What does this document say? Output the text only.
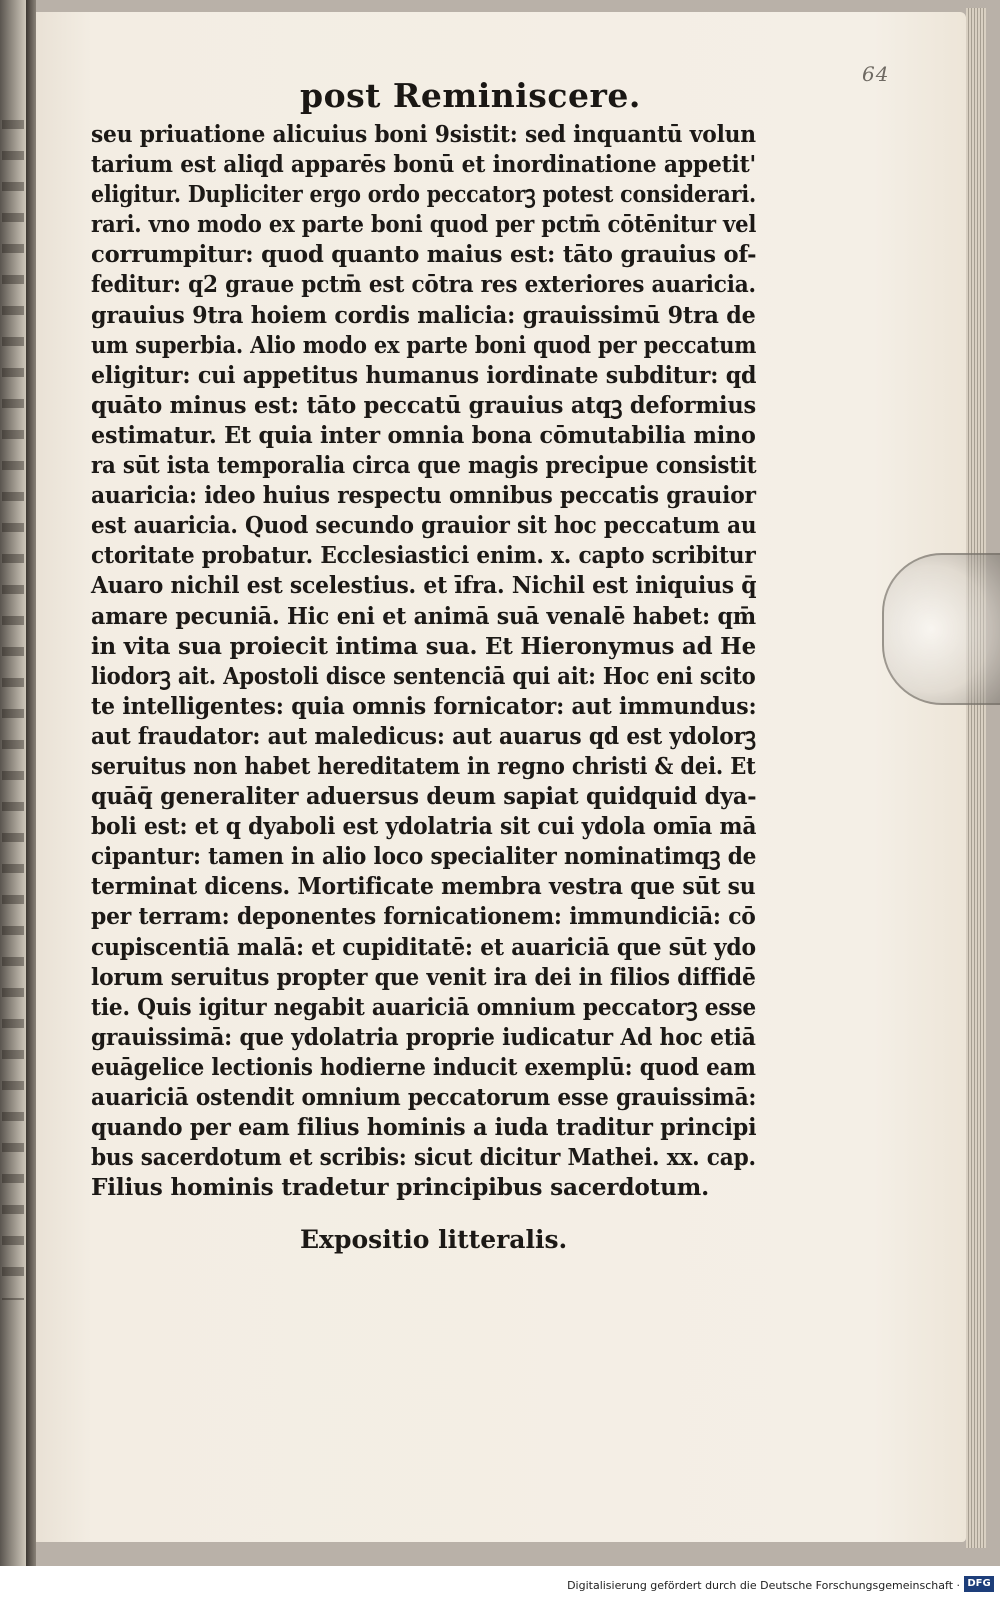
64
post Reminiscere.
seu priuatione alicuius boni 9sistit: sed inquantū volun
tarium est aliqd apparēs bonū et inordinatione appetit'
eligitur. Dupliciter ergo ordo peccatorꝫ potest considerari.
rari. vno modo ex parte boni quod per pctm̄ cōtēnitur vel
corrumpitur: quod quanto maius est: tāto grauius of-
feditur: q2 graue pctm̄ est cōtra res exteriores auaricia.
grauius 9tra hoiem cordis malicia: grauissimū 9tra de
um superbia. Alio modo ex parte boni quod per peccatum
eligitur: cui appetitus humanus iordinate subditur: qd
quāto minus est: tāto peccatū grauius atqꝫ deformius
estimatur. Et quia inter omnia bona cōmutabilia mino
ra sūt ista temporalia circa que magis precipue consistit
auaricia: ideo huius respectu omnibus peccatis grauior
est auaricia. Quod secundo grauior sit hoc peccatum au
ctoritate probatur. Ecclesiastici enim. x. capto scribitur
Auaro nichil est scelestius. et īfra. Nichil est iniquius q̄
amare pecuniā. Hic eni et animā suā venalē habet: qm̄
in vita sua proiecit intima sua. Et Hieronymus ad He
liodorꝫ ait. Apostoli disce sentenciā qui ait: Hoc eni scito
te intelligentes: quia omnis fornicator: aut immundus:
aut fraudator: aut maledicus: aut auarus qd est ydolorꝫ
seruitus non habet hereditatem in regno christi & dei. Et
quāq̄ generaliter aduersus deum sapiat quidquid dya-
boli est: et q dyaboli est ydolatria sit cui ydola omīa mā
cipantur: tamen in alio loco specialiter nominatimqꝫ de
terminat dicens. Mortificate membra vestra que sūt su
per terram: deponentes fornicationem: immundiciā: cō
cupiscentiā malā: et cupiditatē: et auariciā que sūt ydo
lorum seruitus propter que venit ira dei in filios diffidē
tie. Quis igitur negabit auariciā omnium peccatorꝫ esse
grauissimā: que ydolatria proprie iudicatur Ad hoc etiā
euāgelice lectionis hodierne inducit exemplū: quod eam
auariciā ostendit omnium peccatorum esse grauissimā:
quando per eam filius hominis a iuda traditur principi
bus sacerdotum et scribis: sicut dicitur Mathei. xx. cap.
Filius hominis tradetur principibus sacerdotum.
Expositio litteralis.
Digitalisierung gefördert durch die Deutsche Forschungsgemeinschaft · DFG
